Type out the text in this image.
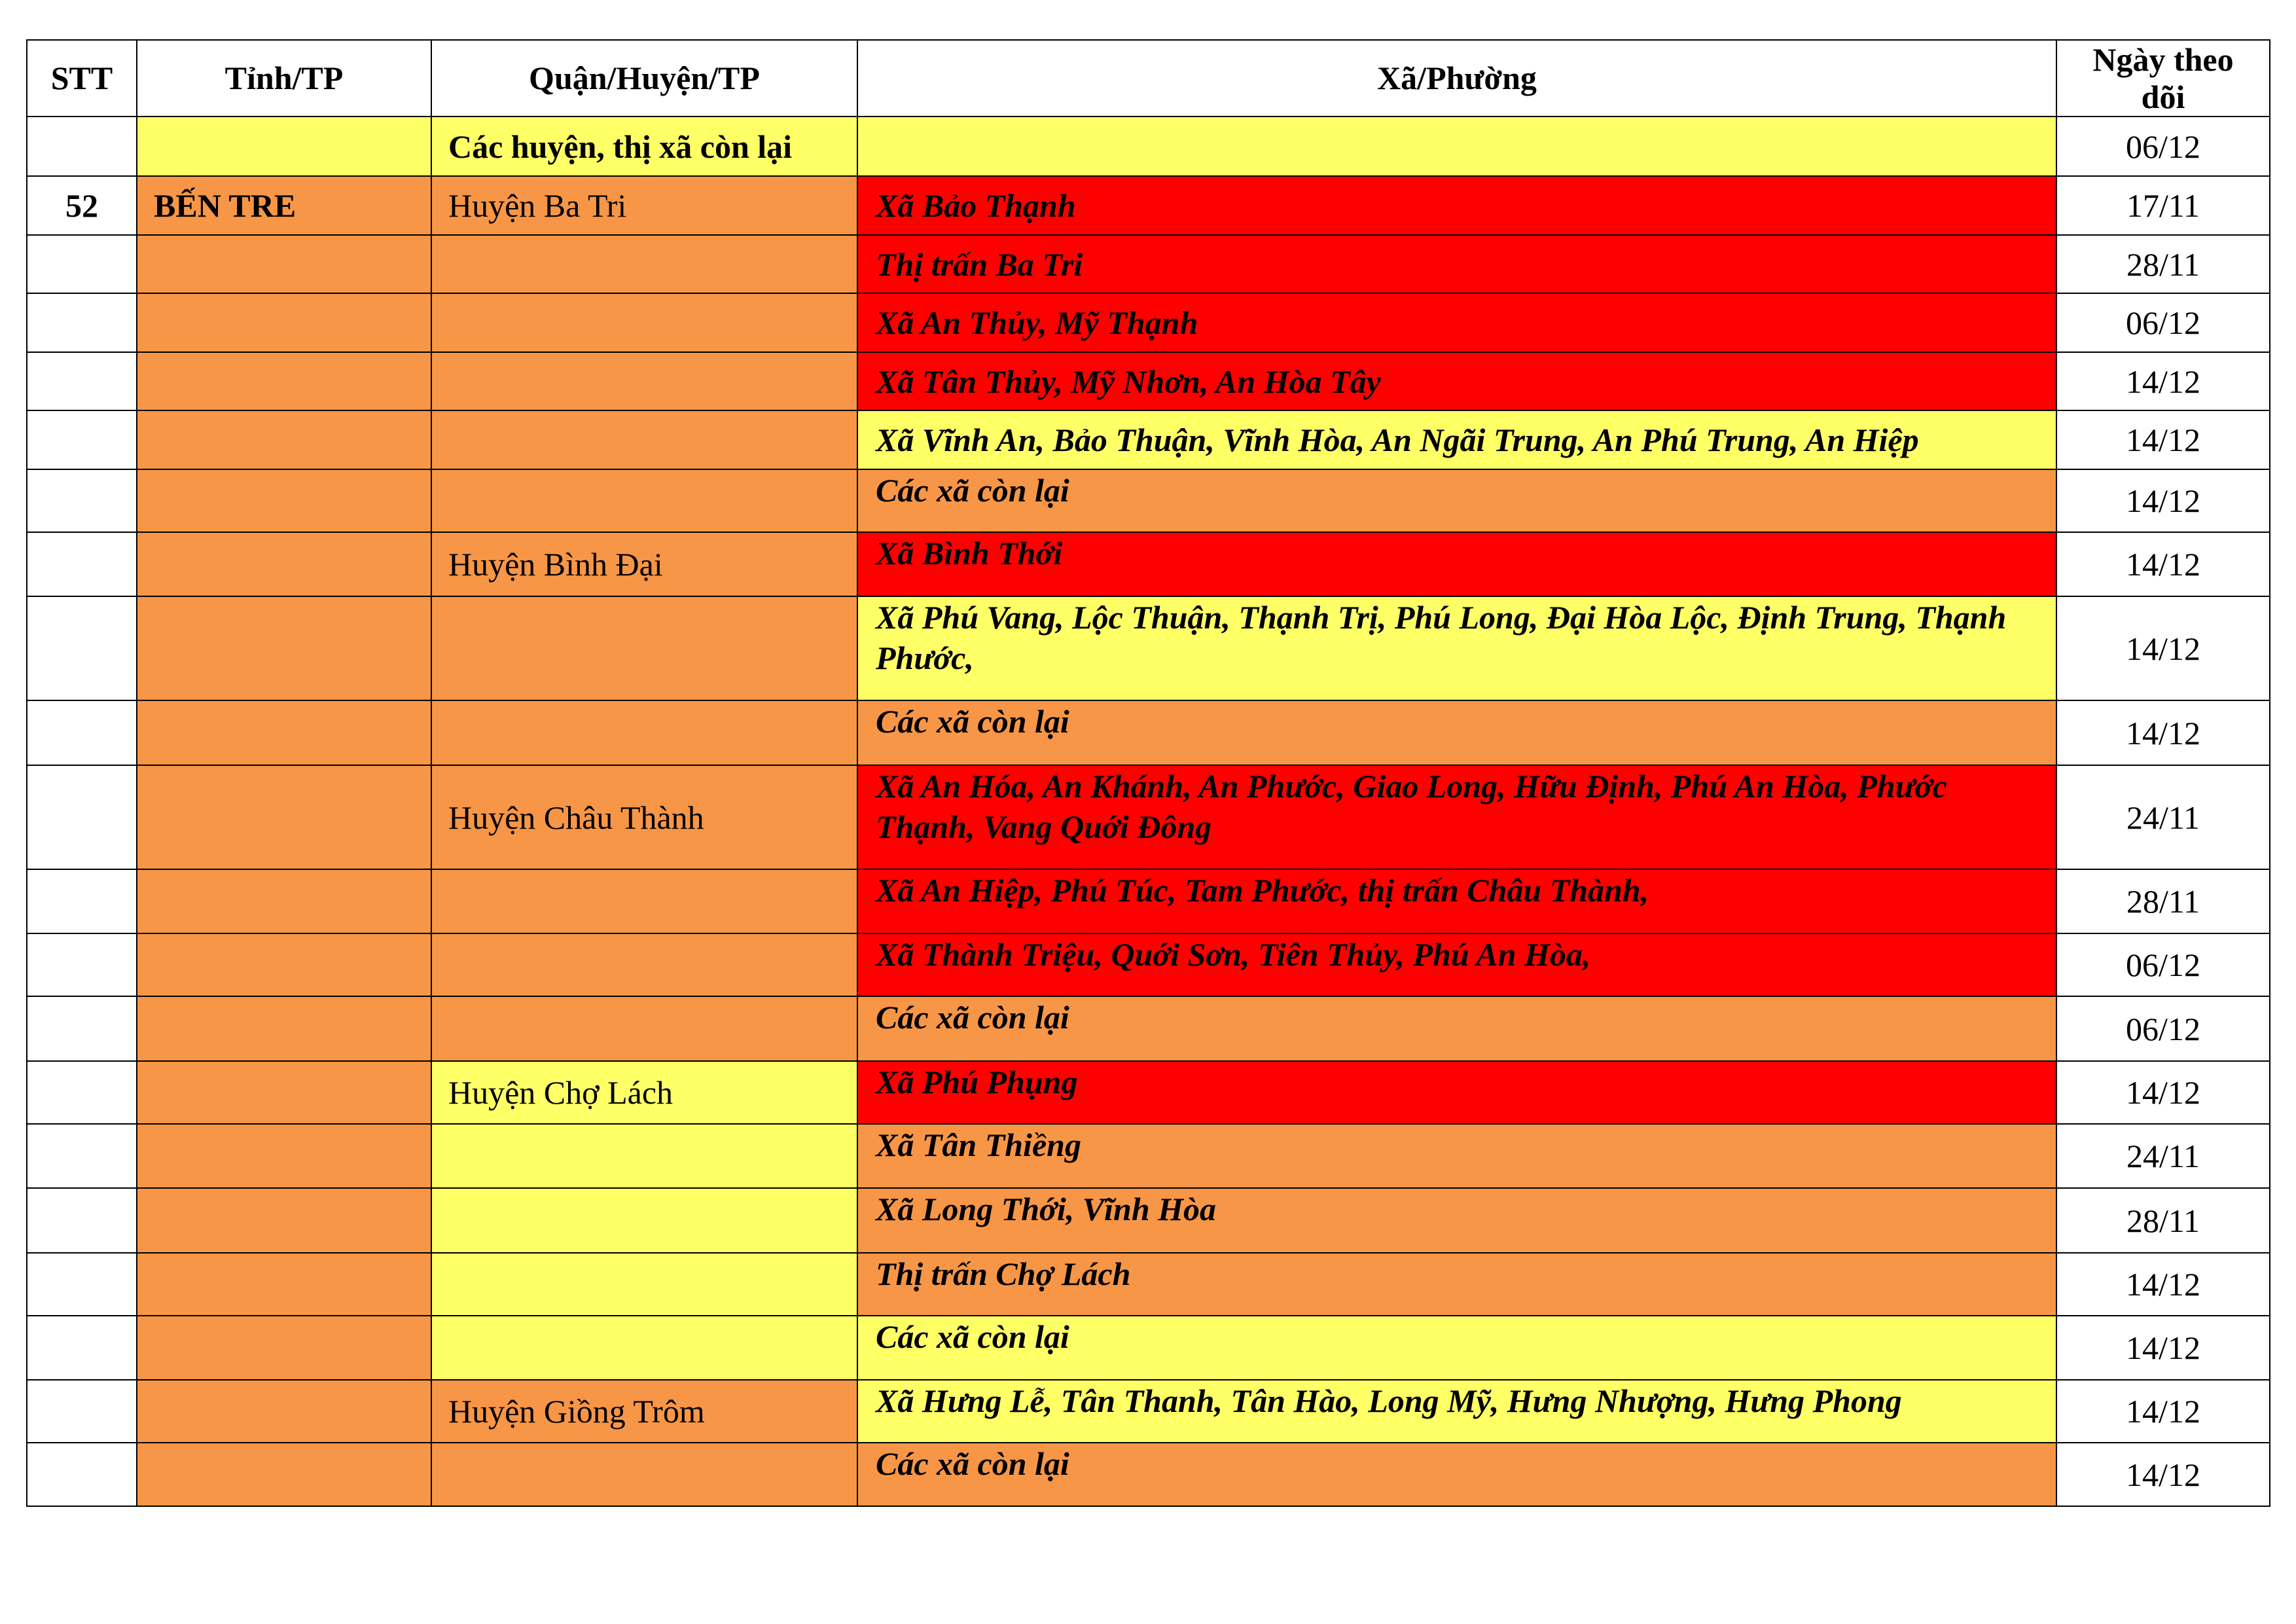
STT	Tỉnh/TP	Quận/Huyện/TP	Xã/Phường	Ngày theo dõi
		Các huyện, thị xã còn lại		06/12
52	BẾN TRE	Huyện Ba Tri	Xã Bảo Thạnh	17/11
			Thị trấn Ba Tri	28/11
			Xã An Thủy, Mỹ Thạnh	06/12
			Xã Tân Thủy, Mỹ Nhơn, An Hòa Tây	14/12
			Xã Vĩnh An, Bảo Thuận, Vĩnh Hòa, An Ngãi Trung, An Phú Trung, An Hiệp	14/12
			Các xã còn lại	14/12
		Huyện Bình Đại	Xã Bình Thới	14/12
			Xã Phú Vang, Lộc Thuận, Thạnh Trị, Phú Long, Đại Hòa Lộc, Định Trung, Thạnh Phước,	14/12
			Các xã còn lại	14/12
		Huyện Châu Thành	Xã An Hóa, An Khánh, An Phước, Giao Long, Hữu Định, Phú An Hòa, Phước Thạnh, Vang Quới Đông	24/11
			Xã An Hiệp, Phú Túc, Tam Phước, thị trấn Châu Thành,	28/11
			Xã Thành Triệu, Quới Sơn, Tiên Thủy, Phú An Hòa,	06/12
			Các xã còn lại	06/12
		Huyện Chợ Lách	Xã Phú Phụng	14/12
			Xã Tân Thiềng	24/11
			Xã Long Thới, Vĩnh Hòa	28/11
			Thị trấn Chợ Lách	14/12
			Các xã còn lại	14/12
		Huyện Giồng Trôm	Xã Hưng Lễ, Tân Thanh, Tân Hào, Long Mỹ, Hưng Nhượng, Hưng Phong	14/12
			Các xã còn lại	14/12
